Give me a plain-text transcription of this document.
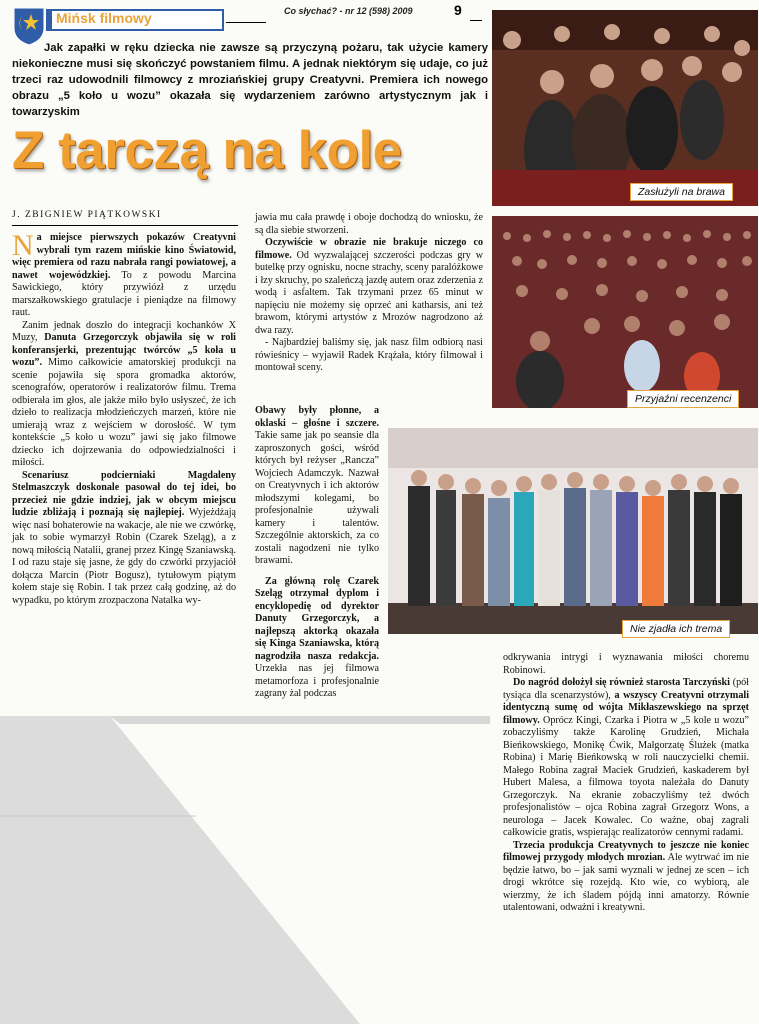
Mińsk filmowy	Co słychać? - nr 12 (598) 2009	9
Jak zapałki w ręku dziecka nie zawsze są przyczyną pożaru, tak użycie kamery niekonieczne musi się skończyć powstaniem filmu. A jednak niektórym się udaje, co już trzeci raz udowodnili filmowcy z mroziańskiej grupy Creatyvni. Premiera ich nowego obrazu „5 koło u wozu” okazała się wydarzeniem zarówno artystycznym jak i towarzyskim
Z tarczą na kole
J. ZBIGNIEW PIĄTKOWSKI

Na miejsce pierwszych pokazów Creatyvni wybrali tym razem mińskie kino Światowid, więc premiera od razu nabrała rangi powiatowej, a nawet wojewódzkiej. To z powodu Marcina Sawickiego, który przywiózł z urzędu marszałkowskiego gratulacje i pieniądze na filmowy raut.

Zanim jednak doszło do integracji kochanków X Muzy, Danuta Grzegorczyk objawiła się w roli konferansjerki, prezentując twórców „5 koła u wozu”. Mimo całkowicie amatorskiej produkcji na scenie pojawiła się spora gromadka aktorów, scenografów, operatorów i realizatorów filmu. Trema odbierała im głos, ale jakże miło było usłyszeć, że ich dzieło to realizacja młodzieńczych marzeń, które nie umierają wraz z wejściem w dorosłość. W tym kontekście „5 koło u wozu” jawi się jako filmowe dziecko ich dojrzewania do odpowiedzialności i miłości.

Scenariusz podcierniaki Magdaleny Stelmaszczyk doskonale pasował do tej idei, bo przecież nie gdzie indziej, jak w obcym miejscu ludzie zbliżają i poznają się najlepiej. Wyjeżdżają więc nasi bohaterowie na wakacje, ale nie we czwórkę, jak to sobie wymarzył Robin (Czarek Szeląg), a z nową miłością Natalii, granej przez Kingę Szaniawską. I od razu staje się jasne, że gdy do czwórki przyjaciół dołącza Marcin (Piotr Bogusz), tytułowym piątym kołem staje się Robin. I tak przez całą godzinę, aż do wypadku, po którym zrozpaczona Natalka wy-

jawia mu cała prawdę i oboje dochodzą do wniosku, że są dla siebie stworzeni.

Oczywiście w obrazie nie brakuje niczego co filmowe. Od wyzwalającej szczerości podczas gry w butelkę przy ognisku, nocne strachy, sceny paralóżkowe i łzy skruchy, po szaleńczą jazdę autem oraz zderzenia z wodą i asfaltem. Tak trzymani przez 65 minut w napięciu nie możemy się oprzeć ani katharsis, ani też brawom, którymi artystów z Mrozów nagrodzono aż dwa razy.

- Najbardziej baliśmy się, jak nasz film odbiorą nasi rówieśnicy – wyjawił Radek Krążała, który filmował i montował sceny.

Obawy były płonne, a oklaski – głośne i szczere. Takie same jak po seansie dla zaproszonych gości, wśród których był reżyser „Rancza” Wojciech Adamczyk. Nazwał on Creatyvnych i ich aktorów młodszymi kolegami, bo profesjonalnie używali kamery i talentów. Szczególnie aktorskich, za co zostali nagodzeni nie tylko brawami.

Za główną rolę Czarek Szeląg otrzymał dyplom i encyklopedię od dyrektor Danuty Grzegorczyk, a najlepszą aktorką okazała się Kinga Szaniawska, którą nagrodziła nasza redakcja. Urzekła nas jej filmowa metamorfoza i profesjonalnie zagrany żal podczas

odkrywania intrygi i wyznawania miłości choremu Robinowi.

Do nagród dołożył się również starosta Tarczyński (pół tysiąca dla scenarzystów), a wszyscy Creatyvni otrzymali identyczną sumę od wójta Mikłaszewskiego na sprzęt filmowy. Oprócz Kingi, Czarka i Piotra w „5 kole u wozu” zobaczyliśmy także Karolinę Grudzień, Michała Bieńkowskiego, Monikę Ćwik, Małgorzatę Ślużek (matka Robina) i Marię Bieńkowską w roli nauczycielki chemii. Małego Robina zagrał Maciek Grudzień, kaskaderem był Hubert Malesa, a filmowa toyota należała do Danuty Grzegorczyk. Na ekranie zobaczyliśmy też dwóch profesjonalistów – ojca Robina zagrał Grzegorz Wons, a neurologa – Jacek Kowalec. Co ważne, obaj zagrali całkowicie gratis, wspierając realizatorów cennymi radami.

Trzecia produkcja Creatyvnych to jeszcze nie koniec filmowej przygody młodych mrozian. Ale wytrwać im nie będzie łatwo, bo – jak sami wyznali w jednej ze scen – ich drogi wkrótce się rozejdą. Kto wie, co wybiorą, ale wierzmy, że ich śladem pójdą inni amatorzy. Równie utalentowani, odważni i kreatywni.

Zasłużyli na brawa
Przyjaźni recenzenci
Nie zjadła ich trema
